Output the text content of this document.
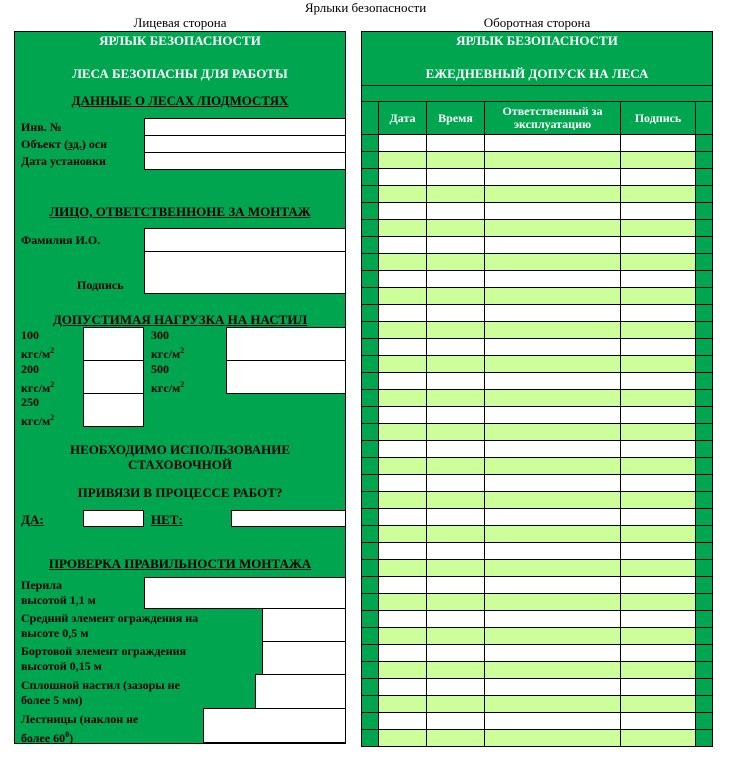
Ярлыки безопасности
Лицевая сторона
ЯРЛЫК БЕЗОПАСНОСТИ
ЛЕСА БЕЗОПАСНЫ ДЛЯ РАБОТЫ
ДАННЫЕ О ЛЕСАХ /ПОДМОСТЯХ
Инв. №
Объект (зд.) оси
Дата установки
ЛИЦО, ОТВЕТСТВЕННОНЕ ЗА МОНТАЖ
Фамилия И.О.
Подпись
ДОПУСТИМАЯ НАГРУЗКА НА НАСТИЛ
100
кгс/$м^2$
200
кгс/$м^2$
250
кгс/$м^2$
300
кгс/$м^2$
500
кгс/$м^2$
НЕОБХОДИМО ИСПОЛЬЗОВАНИЕ
СТАХОВОЧНОЙ
ПРИВЯЗИ В ПРОЦЕССЕ РАБОТ?
ДА:	НЕТ:
ПРОВЕРКА ПРАВИЛЬНОСТИ МОНТАЖА
Перила
высотой 1,1 м
Средний элемент ограждения на
высоте 0,5 м
Бортовой элемент ограждения
высотой 0,15 м
Сплошной настил (зазоры не
более 5 мм)
Лестницы (наклон не
более $60^0$)
Оборотная сторона
ЯРЛЫК БЕЗОПАСНОСТИ
ЕЖЕДНЕВНЫЙ ДОПУСК НА ЛЕСА
	Дата	Время	Ответственный за эксплуатацию	Подпись	
